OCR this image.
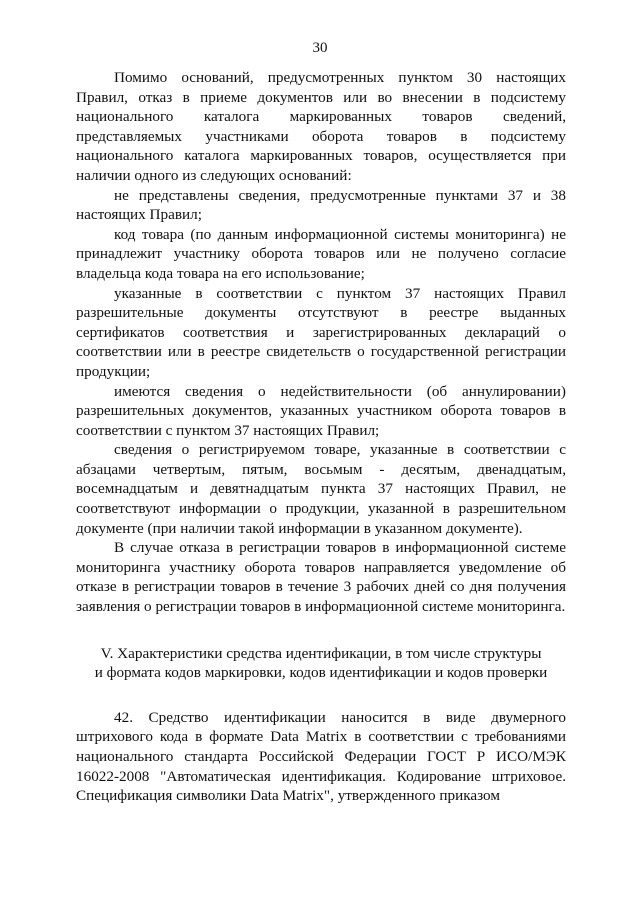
30

Помимо оснований, предусмотренных пунктом 30 настоящих Правил, отказ в приеме документов или во внесении в подсистему национального каталога маркированных товаров сведений, представляемых участниками оборота товаров в подсистему национального каталога маркированных товаров, осуществляется при наличии одного из следующих оснований:

не представлены сведения, предусмотренные пунктами 37 и 38 настоящих Правил;

код товара (по данным информационной системы мониторинга) не принадлежит участнику оборота товаров или не получено согласие владельца кода товара на его использование;

указанные в соответствии с пунктом 37 настоящих Правил разрешительные документы отсутствуют в реестре выданных сертификатов соответствия и зарегистрированных деклараций о соответствии или в реестре свидетельств о государственной регистрации продукции;

имеются сведения о недействительности (об аннулировании) разрешительных документов, указанных участником оборота товаров в соответствии с пунктом 37 настоящих Правил;

сведения о регистрируемом товаре, указанные в соответствии с абзацами четвертым, пятым, восьмым - десятым, двенадцатым, восемнадцатым и девятнадцатым пункта 37 настоящих Правил, не соответствуют информации о продукции, указанной в разрешительном документе (при наличии такой информации в указанном документе).

В случае отказа в регистрации товаров в информационной системе мониторинга участнику оборота товаров направляется уведомление об отказе в регистрации товаров в течение 3 рабочих дней со дня получения заявления о регистрации товаров в информационной системе мониторинга.

V. Характеристики средства идентификации, в том числе структуры
и формата кодов маркировки, кодов идентификации и кодов проверки

42. Средство идентификации наносится в виде двумерного штрихового кода в формате Data Matrix в соответствии с требованиями национального стандарта Российской Федерации ГОСТ Р ИСО/МЭК 16022-2008 "Автоматическая идентификация. Кодирование штриховое. Спецификация символики Data Matrix", утвержденного приказом
